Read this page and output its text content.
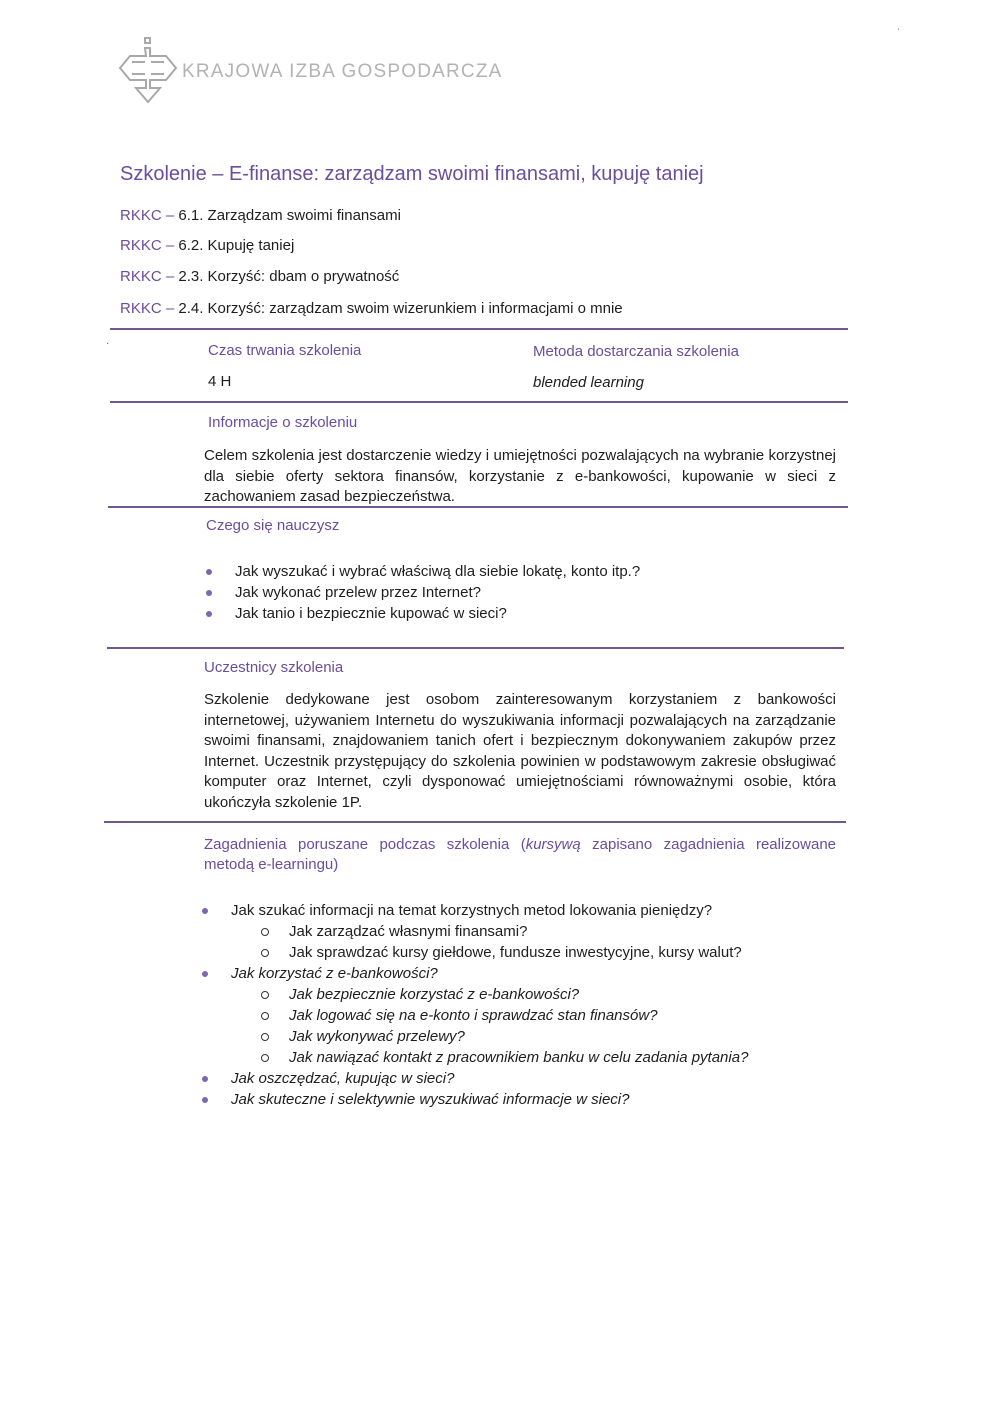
KRAJOWA IZBA GOSPODARCZA
Szkolenie – E-finanse: zarządzam swoimi finansami, kupuję taniej
RKKC – 6.1. Zarządzam swoimi finansami
RKKC – 6.2. Kupuję taniej
RKKC – 2.3. Korzyść: dbam o prywatność
RKKC – 2.4. Korzyść: zarządzam swoim wizerunkiem i informacjami o mnie
·	Czas trwania szkolenia
4 H
Metoda dostarczania szkolenia
blended learning
Informacje o szkoleniu
Celem szkolenia jest dostarczenie wiedzy i umiejętności pozwalających na wybranie korzystnej dla siebie oferty sektora finansów, korzystanie z e-bankowości, kupowanie w sieci z zachowaniem zasad bezpieczeństwa.
Czego się nauczysz
Jak wyszukać i wybrać właściwą dla siebie lokatę, konto itp.?
Jak wykonać przelew przez Internet?
Jak tanio i bezpiecznie kupować w sieci?
Uczestnicy szkolenia
Szkolenie dedykowane jest osobom zainteresowanym korzystaniem z bankowości internetowej, używaniem Internetu do wyszukiwania informacji pozwalających na zarządzanie swoimi finansami, znajdowaniem tanich ofert i bezpiecznym dokonywaniem zakupów przez Internet. Uczestnik przystępujący do szkolenia powinien w podstawowym zakresie obsługiwać komputer oraz Internet, czyli dysponować umiejętnościami równoważnymi osobie, która ukończyła szkolenie 1P.
Zagadnienia poruszane podczas szkolenia (kursywą zapisano zagadnienia realizowane metodą e-learningu)
Jak szukać informacji na temat korzystnych metod lokowania pieniędzy?
Jak zarządzać własnymi finansami?
Jak sprawdzać kursy giełdowe, fundusze inwestycyjne, kursy walut?
Jak korzystać z e-bankowości?
Jak bezpiecznie korzystać z e-bankowości?
Jak logować się na e-konto i sprawdzać stan finansów?
Jak wykonywać przelewy?
Jak nawiązać kontakt z pracownikiem banku w celu zadania pytania?
Jak oszczędzać, kupując w sieci?
Jak skuteczne i selektywnie wyszukiwać informacje w sieci?
ˈ
